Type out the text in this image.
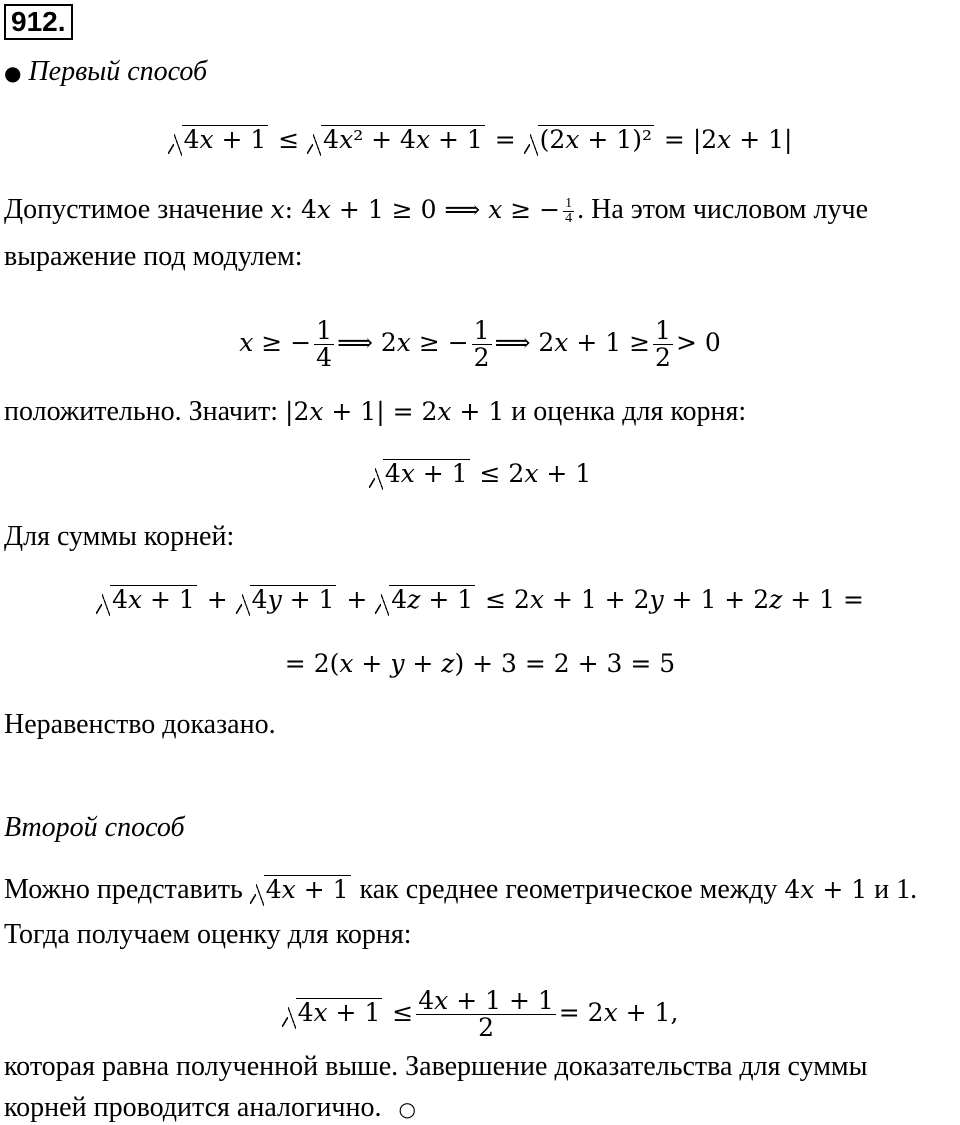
912.
● Первый способ
4x + 1 ≤ 4x² + 4x + 1 = (2x + 1)² = |2x + 1|
Допустимое значение x: 4x + 1 ≥ 0 ⟹ x ≥ − $\frac{1}{4}$ . На этом числовом луче
выражение под модулем:
x ≥ − $\frac{1}{4}$ ⟹ 2x ≥ − $\frac{1}{2}$ ⟹ $2x + 1 \ge \frac{1}{2} > 0$
положительно. Значит: |2x + 1| = 2x + 1 и оценка для корня:
4x + 1 ≤ 2x + 1
Для суммы корней:
4x + 1 + 4y + 1 + 4z + 1 ≤ 2x + 1 + 2y + 1 + 2z + 1 =
= 2(x + y + z) + 3 = 2 + 3 = 5
Неравенство доказано.
Второй способ
Можно представить 4x + 1 как среднее геометрическое между 4x + 1 и 1.
Тогда получаем оценку для корня:
$4x + 1 \le \frac{4x + 1 + 1}{2} = 2x + 1$,
которая равна полученной выше. Завершение доказательства для суммы
корней проводится аналогично. ○
